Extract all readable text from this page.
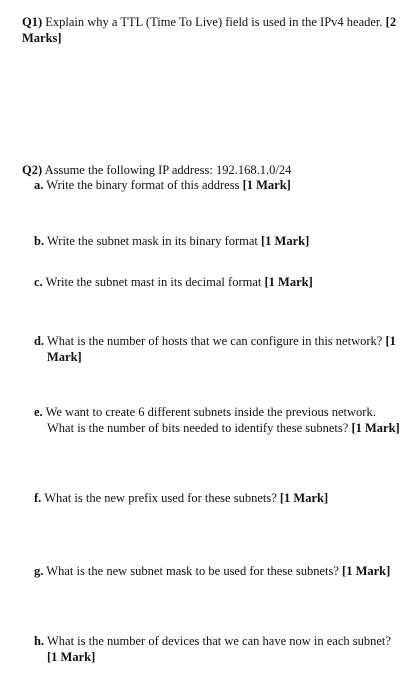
Q1) Explain why a TTL (Time To Live) field is used in the IPv4 header. [2
Marks]

Q2) Assume the following IP address: 192.168.1.0/24

a. Write the binary format of this address [1 Mark]

b. Write the subnet mask in its binary format [1 Mark]

c. Write the subnet mast in its decimal format [1 Mark]

d. What is the number of hosts that we can configure in this network? [1

Mark]

e. We want to create 6 different subnets inside the previous network.

What is the number of bits needed to identify these subnets? [1 Mark]

f. What is the new prefix used for these subnets? [1 Mark]

g. What is the new subnet mask to be used for these subnets? [1 Mark]

h. What is the number of devices that we can have now in each subnet?

[1 Mark]
